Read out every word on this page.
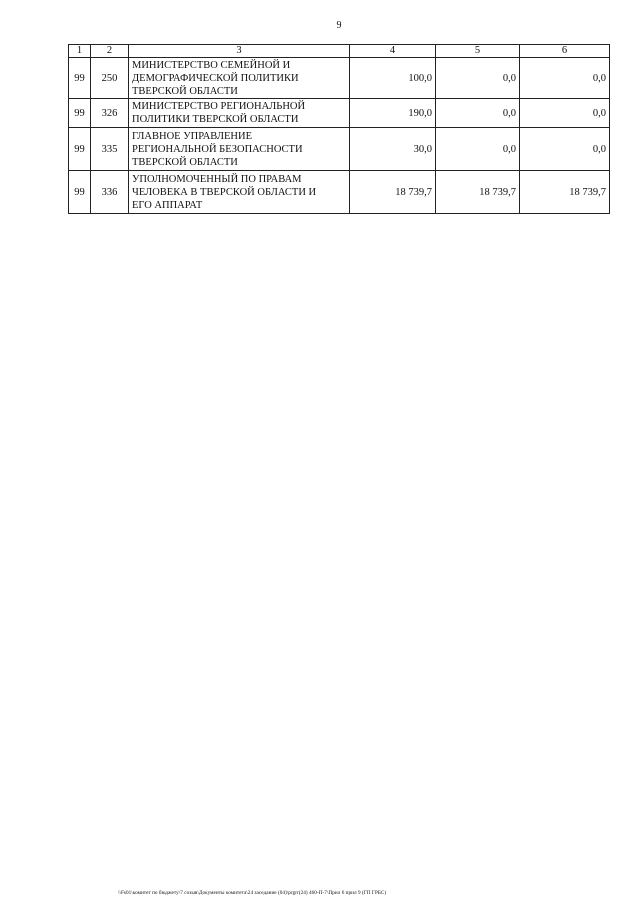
9
1	2	3	4	5	6
99	250	МИНИСТЕРСТВО СЕМЕЙНОЙ И
ДЕМОГРАФИЧЕСКОЙ ПОЛИТИКИ
ТВЕРСКОЙ ОБЛАСТИ	100,0	0,0	0,0
99	326	МИНИСТЕРСТВО РЕГИОНАЛЬНОЙ
ПОЛИТИКИ ТВЕРСКОЙ ОБЛАСТИ	190,0	0,0	0,0
99	335	ГЛАВНОЕ УПРАВЛЕНИЕ
РЕГИОНАЛЬНОЙ БЕЗОПАСНОСТИ
ТВЕРСКОЙ ОБЛАСТИ	30,0	0,0	0,0
99	336	УПОЛНОМОЧЕННЫЙ ПО ПРАВАМ
ЧЕЛОВЕКА В ТВЕРСКОЙ ОБЛАСТИ И
ЕГО АППАРАТ	18 739,7	18 739,7	18 739,7
\\Fs01\комитет по бюджету\7 созыв\Документы комитета\24 заседание (04)\prgrr(24) 460-П-7\Прил 6 прил 9 (ГП ГРБС)
